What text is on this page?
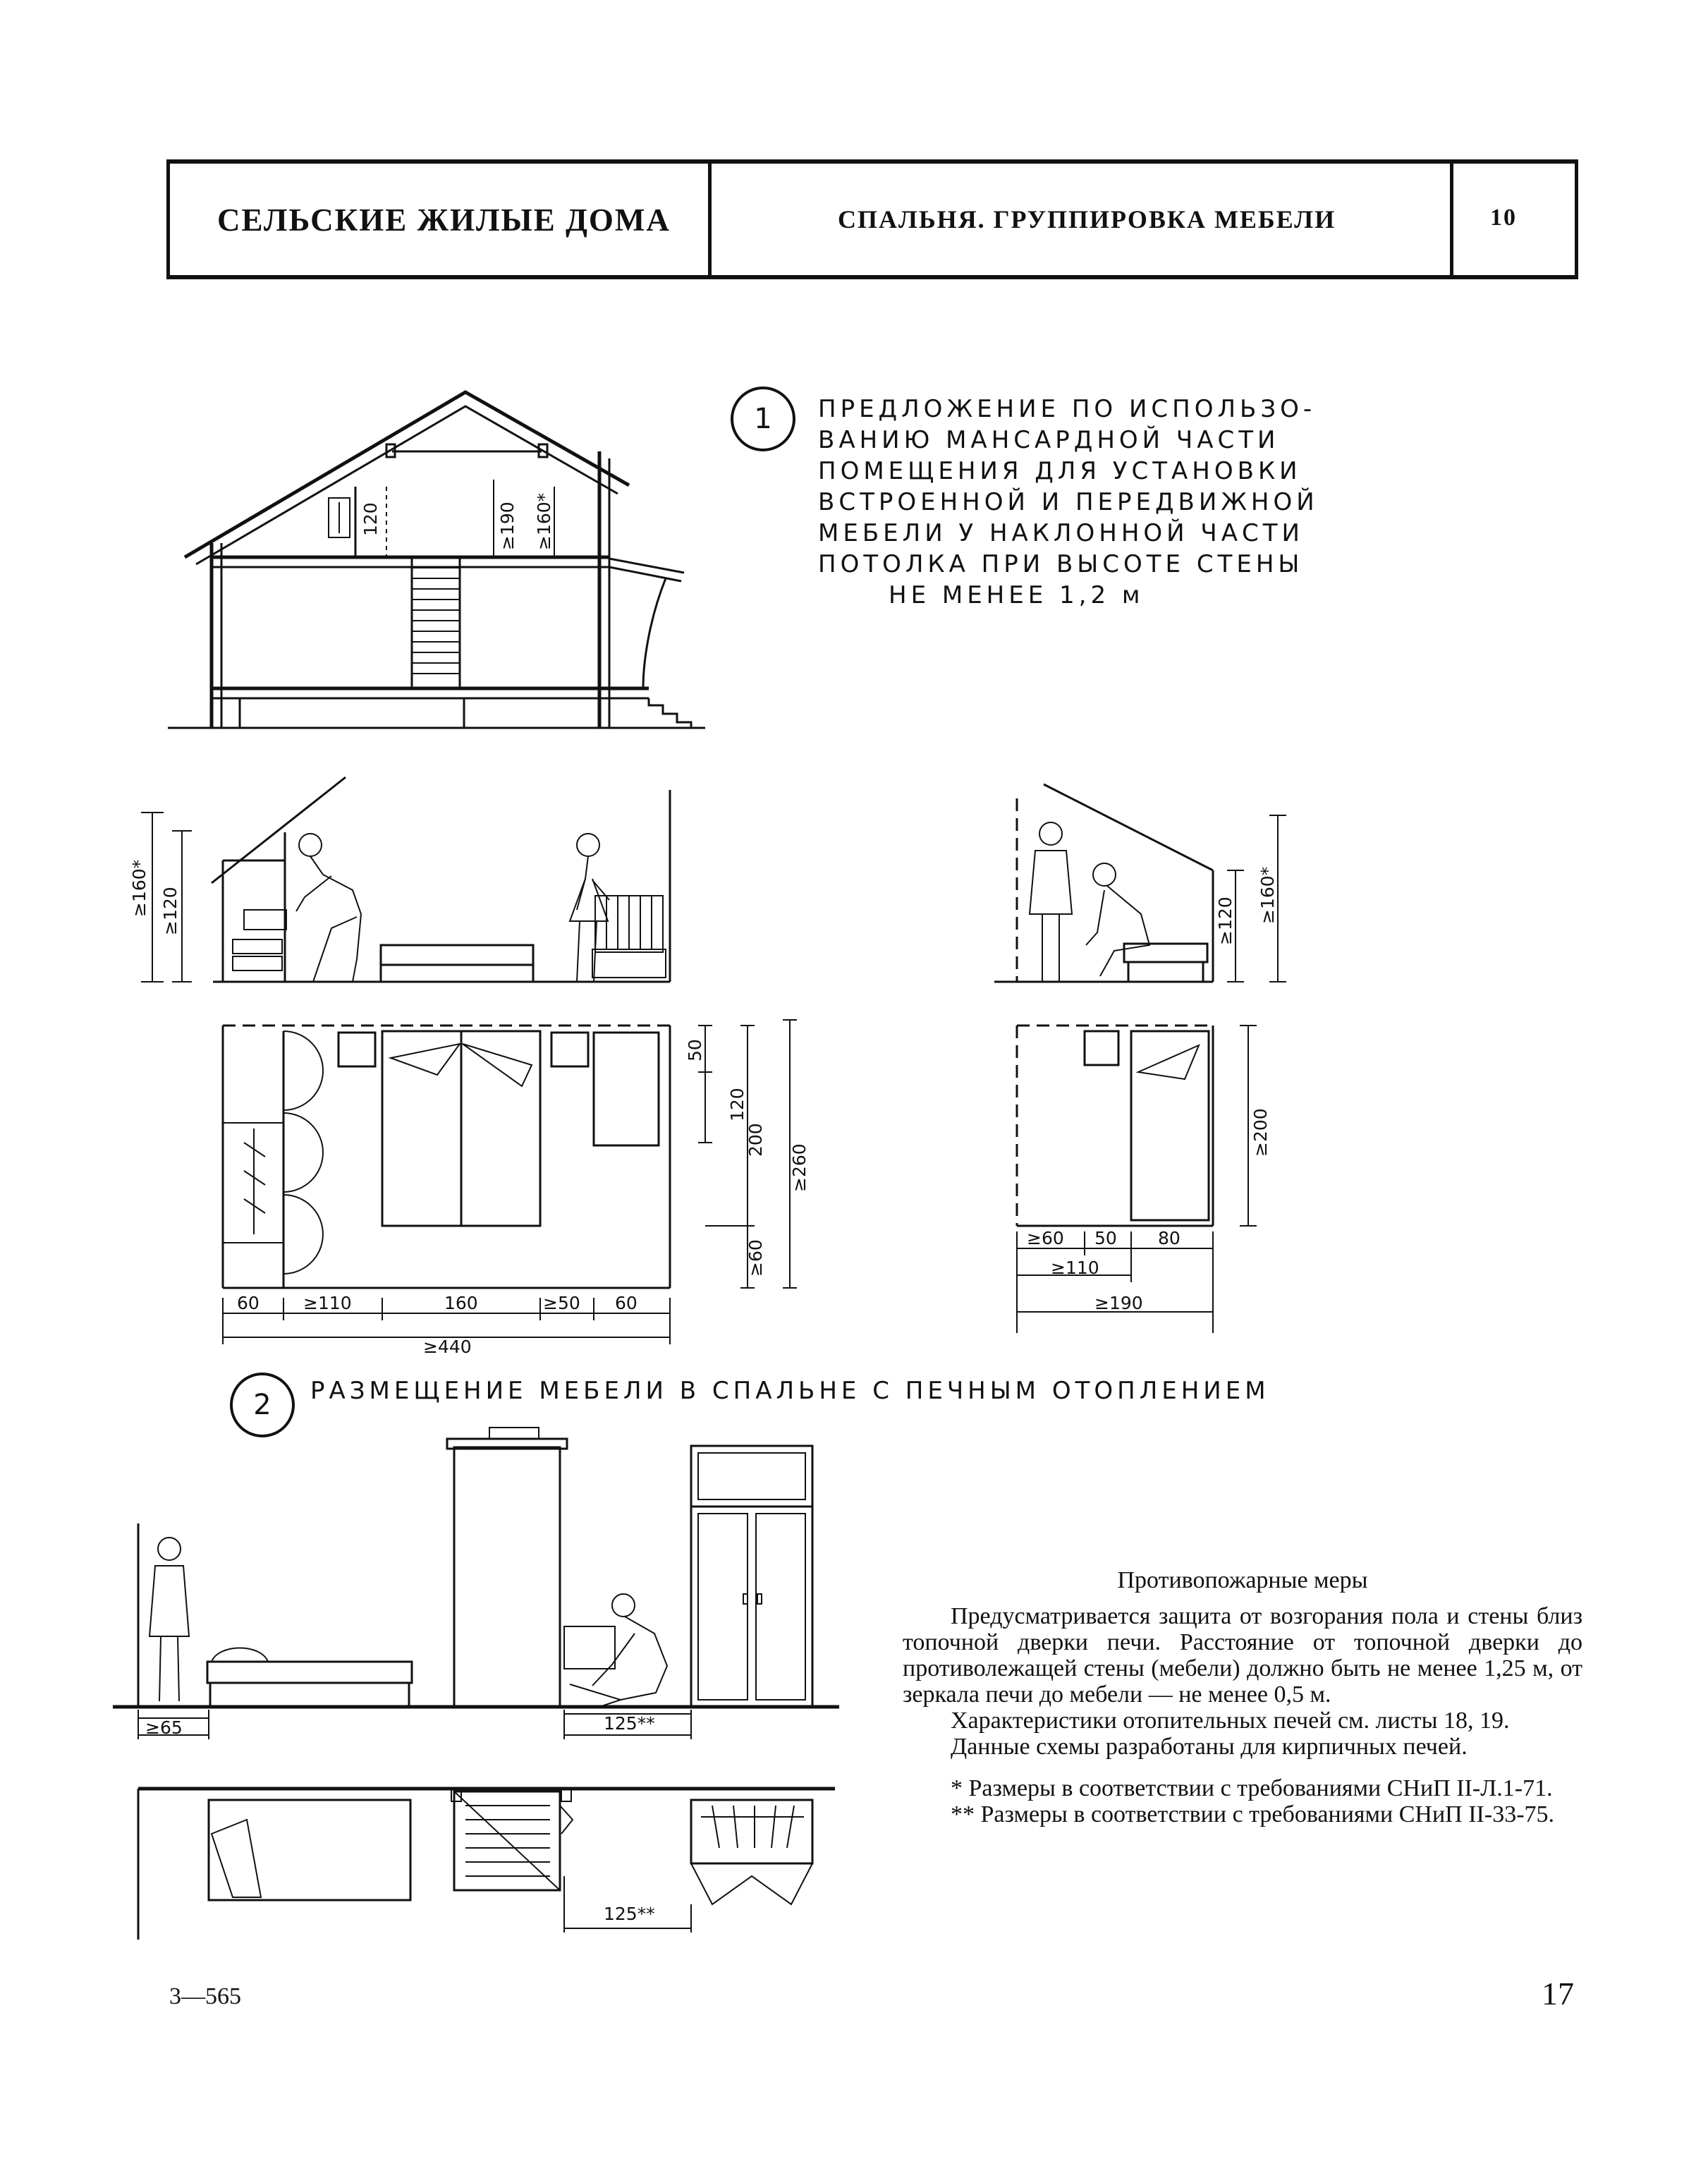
СЕЛЬСКИЕ ЖИЛЫЕ ДОМА	СПАЛЬНЯ. ГРУППИРОВКА МЕБЕЛИ	10
1	ПРЕДЛОЖЕНИЕ ПО ИСПОЛЬЗО-
ВАНИЮ МАНСАРДНОЙ ЧАСТИ
ПОМЕЩЕНИЯ ДЛЯ УСТАНОВКИ
ВСТРОЕННОЙ И ПЕРЕДВИЖНОЙ
МЕБЕЛИ У НАКЛОННОЙ ЧАСТИ
ПОТОЛКА ПРИ ВЫСОТЕ СТЕНЫ
НЕ МЕНЕЕ 1,2 м
2	РАЗМЕЩЕНИЕ МЕБЕЛИ В СПАЛЬНЕ С ПЕЧНЫМ ОТОПЛЕНИЕМ
120	≥190 ≥160*
≥160* ≥120
50
120
200
≥60
≥260
60 ≥110	160	≥50 60
≥440
≥120 ≥160*
≥200
≥60 50 80
≥110
≥190
≥65	125**
125**

Противопожарные меры

Предусматривается защита от возгорания пола и стены близ топочной дверки печи. Расстояние от топочной дверки до противолежащей стены (мебели) должно быть не менее 1,25 м, от зеркала печи до мебели — не менее 0,5 м.

Характеристики отопительных печей см. листы 18, 19.

Данные схемы разработаны для кирпичных печей.

* Размеры в соответствии с требованиями СНиП II-Л.1-71.

** Размеры в соответствии с требованиями СНиП II-33-75.

3—565	17
